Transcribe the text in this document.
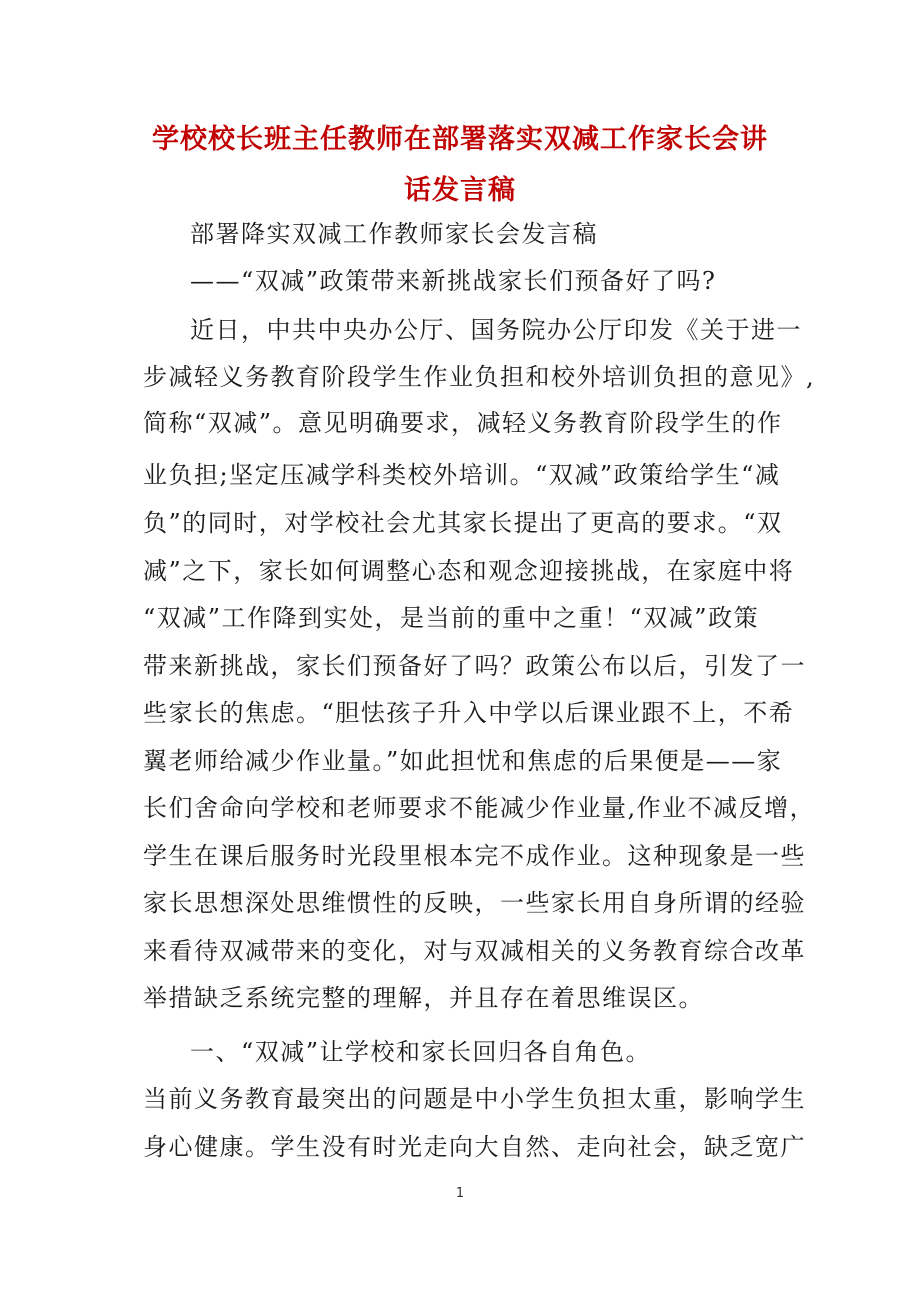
学校校长班主任教师在部署落实双减工作家长会讲
话发言稿
部署降实双减工作教师家长会发言稿
——“双减”政策带来新挑战家长们预备好了吗?
近日，中共中央办公厅、国务院办公厅印发《关于进一
步减轻义务教育阶段学生作业负担和校外培训负担的意见》,
简称“双减”。意见明确要求，减轻义务教育阶段学生的作
业负担;坚定压减学科类校外培训。“双减”政策给学生“减
负”的同时，对学校社会尤其家长提出了更高的要求。“双
减”之下，家长如何调整心态和观念迎接挑战，在家庭中将
“双减”工作降到实处，是当前的重中之重！“双减”政策
带来新挑战，家长们预备好了吗？政策公布以后，引发了一
些家长的焦虑。“胆怯孩子升入中学以后课业跟不上，不希
翼老师给减少作业量。”如此担忧和焦虑的后果便是——家
长们舍命向学校和老师要求不能减少作业量,作业不减反增，
学生在课后服务时光段里根本完不成作业。这种现象是一些
家长思想深处思维惯性的反映，一些家长用自身所谓的经验
来看待双减带来的变化，对与双减相关的义务教育综合改革
举措缺乏系统完整的理解，并且存在着思维误区。
一、“双减”让学校和家长回归各自角色。
当前义务教育最突出的问题是中小学生负担太重，影响学生
身心健康。学生没有时光走向大自然、走向社会，缺乏宽广
1
